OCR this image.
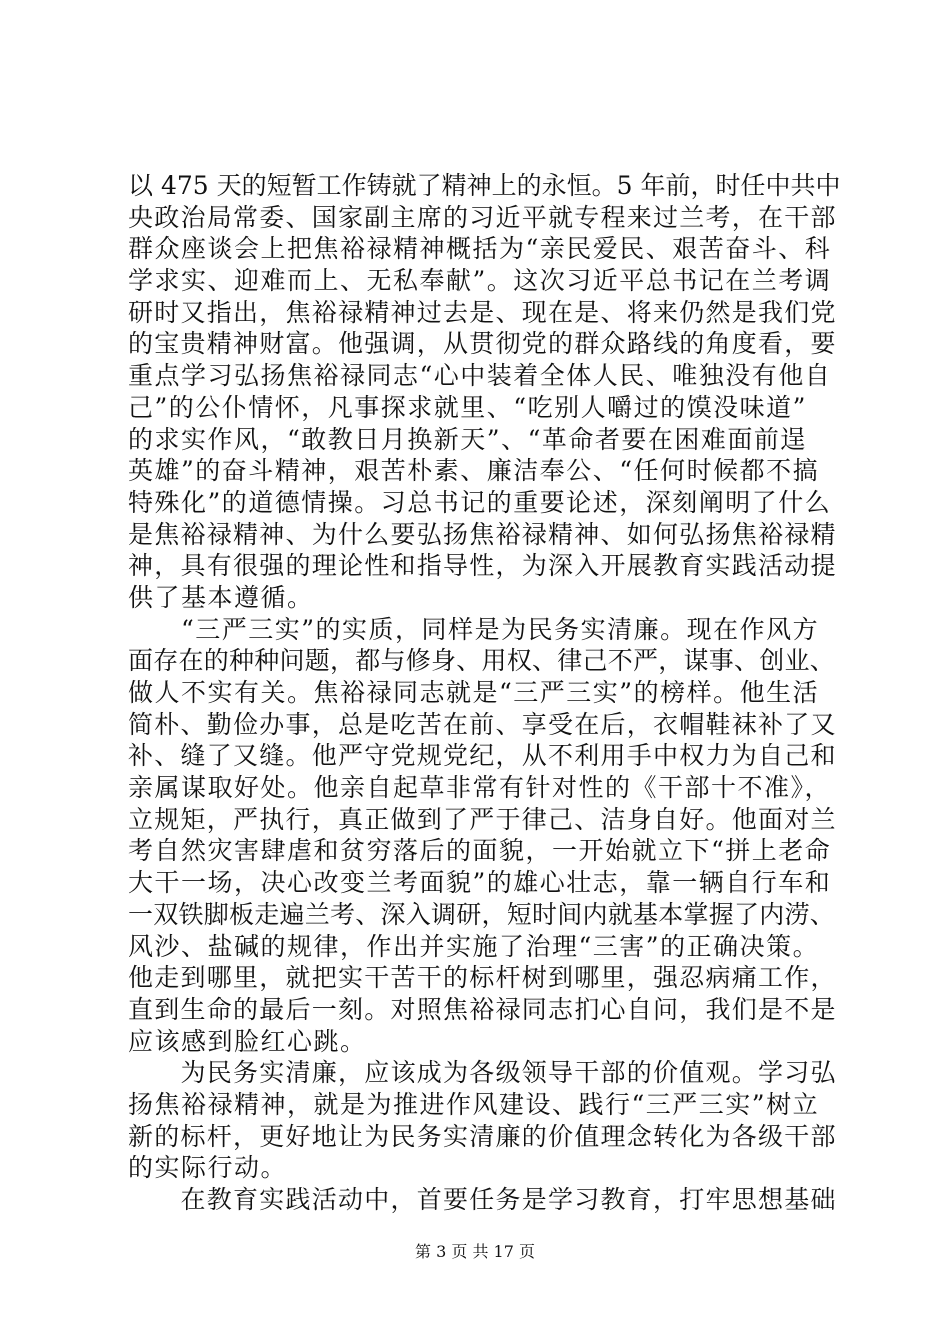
以 475 天的短暂工作铸就了精神上的永恒。5 年前，时任中共中
央政治局常委、国家副主席的习近平就专程来过兰考，在干部
群众座谈会上把焦裕禄精神概括为“亲民爱民、艰苦奋斗、科
学求实、迎难而上、无私奉献”。这次习近平总书记在兰考调
研时又指出，焦裕禄精神过去是、现在是、将来仍然是我们党
的宝贵精神财富。他强调，从贯彻党的群众路线的角度看，要
重点学习弘扬焦裕禄同志“心中装着全体人民、唯独没有他自
己”的公仆情怀，凡事探求就里、“吃别人嚼过的馍没味道”
的求实作风，“敢教日月换新天”、“革命者要在困难面前逞
英雄”的奋斗精神，艰苦朴素、廉洁奉公、“任何时候都不搞
特殊化”的道德情操。习总书记的重要论述，深刻阐明了什么
是焦裕禄精神、为什么要弘扬焦裕禄精神、如何弘扬焦裕禄精
神，具有很强的理论性和指导性，为深入开展教育实践活动提
供了基本遵循。
　　“三严三实”的实质，同样是为民务实清廉。现在作风方
面存在的种种问题，都与修身、用权、律己不严，谋事、创业、
做人不实有关。焦裕禄同志就是“三严三实”的榜样。他生活
简朴、勤俭办事，总是吃苦在前、享受在后，衣帽鞋袜补了又
补、缝了又缝。他严守党规党纪，从不利用手中权力为自己和
亲属谋取好处。他亲自起草非常有针对性的《干部十不准》，
立规矩，严执行，真正做到了严于律己、洁身自好。他面对兰
考自然灾害肆虐和贫穷落后的面貌，一开始就立下“拼上老命
大干一场，决心改变兰考面貌”的雄心壮志，靠一辆自行车和
一双铁脚板走遍兰考、深入调研，短时间内就基本掌握了内涝、
风沙、盐碱的规律，作出并实施了治理“三害”的正确决策。
他走到哪里，就把实干苦干的标杆树到哪里，强忍病痛工作，
直到生命的最后一刻。对照焦裕禄同志扪心自问，我们是不是
应该感到脸红心跳。
　　为民务实清廉，应该成为各级领导干部的价值观。学习弘
扬焦裕禄精神，就是为推进作风建设、践行“三严三实”树立
新的标杆，更好地让为民务实清廉的价值理念转化为各级干部
的实际行动。
　　在教育实践活动中，首要任务是学习教育，打牢思想基础
第 3 页 共 17 页
